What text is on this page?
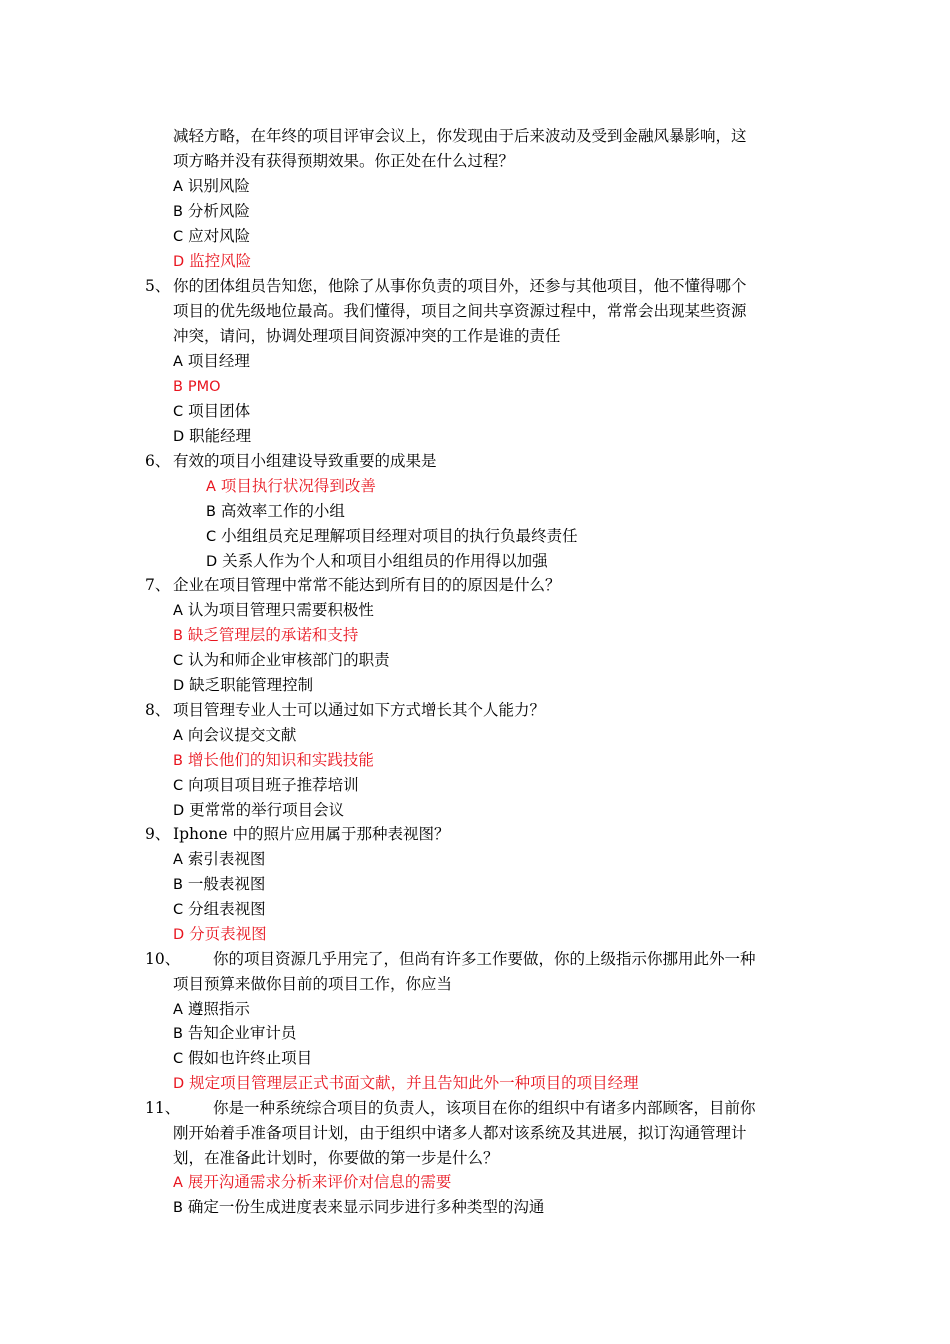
减轻方略，在年终的项目评审会议上，你发现由于后来波动及受到金融风暴影响，这
项方略并没有获得预期效果。你正处在什么过程？
A 识别风险
B 分析风险
C 应对风险
D 监控风险
5、 你的团体组员告知您，他除了从事你负责的项目外，还参与其他项目，他不懂得哪个
项目的优先级地位最高。我们懂得，项目之间共享资源过程中，常常会出现某些资源
冲突，请问，协调处理项目间资源冲突的工作是谁的责任
A 项目经理
B PMO
C 项目团体
D 职能经理
6、 有效的项目小组建设导致重要的成果是
A 项目执行状况得到改善
B 高效率工作的小组
C 小组组员充足理解项目经理对项目的执行负最终责任
D 关系人作为个人和项目小组组员的作用得以加强
7、 企业在项目管理中常常不能达到所有目的的原因是什么？
A 认为项目管理只需要积极性
B 缺乏管理层的承诺和支持
C 认为和师企业审核部门的职责
D 缺乏职能管理控制
8、 项目管理专业人士可以通过如下方式增长其个人能力？
A 向会议提交文献
B 增长他们的知识和实践技能
C 向项目项目班子推荐培训
D 更常常的举行项目会议
9、 Iphone 中的照片应用属于那种表视图？
A 索引表视图
B 一般表视图
C 分组表视图
D 分页表视图
10、 你的项目资源几乎用完了，但尚有许多工作要做，你的上级指示你挪用此外一种
项目预算来做你目前的项目工作，你应当
A 遵照指示
B 告知企业审计员
C 假如也许终止项目
D 规定项目管理层正式书面文献，并且告知此外一种项目的项目经理
11、 你是一种系统综合项目的负责人，该项目在你的组织中有诸多内部顾客，目前你
刚开始着手准备项目计划，由于组织中诸多人都对该系统及其进展，拟订沟通管理计
划，在准备此计划时，你要做的第一步是什么？
A 展开沟通需求分析来评价对信息的需要
B 确定一份生成进度表来显示同步进行多种类型的沟通
